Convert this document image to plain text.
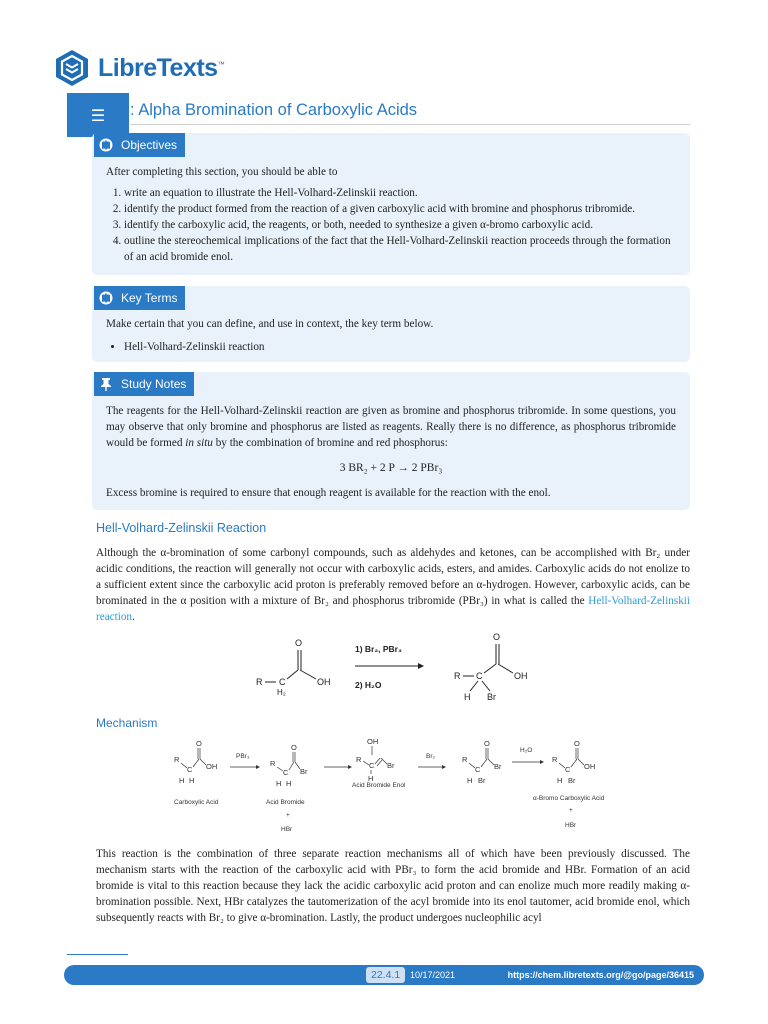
LibreTexts™
☰ : Alpha Bromination of Carboxylic Acids
Objectives
After completing this section, you should be able to
1. write an equation to illustrate the Hell-Volhard-Zelinskii reaction.
2. identify the product formed from the reaction of a given carboxylic acid with bromine and phosphorus tribromide.
3. identify the carboxylic acid, the reagents, or both, needed to synthesize a given α-bromo carboxylic acid.
4. outline the stereochemical implications of the fact that the Hell-Volhard-Zelinskii reaction proceeds through the formation of an acid bromide enol.
Key Terms
Make certain that you can define, and use in context, the key term below.
• Hell-Volhard-Zelinskii reaction
Study Notes
The reagents for the Hell-Volhard-Zelinskii reaction are given as bromine and phosphorus tribromide. In some questions, you may observe that only bromine and phosphorus are listed as reagents. Really there is no difference, as phosphorus tribromide would be formed in situ by the combination of bromine and red phosphorus:
3 BR₂ + 2 P → 2 PBr₃
Excess bromine is required to ensure that enough reagent is available for the reaction with the enol.
Hell-Volhard-Zelinskii Reaction
Although the α-bromination of some carbonyl compounds, such as aldehydes and ketones, can be accomplished with Br₂ under acidic conditions, the reaction will generally not occur with carboxylic acids, esters, and amides. Carboxylic acids do not enolize to a sufficient extent since the carboxylic acid proton is preferably removed before an α-hydrogen. However, carboxylic acids, can be brominated in the α position with a mixture of Br₂ and phosphorus tribromide (PBr₃) in what is called the Hell-Volhard-Zelinskii reaction.
R C
H₂
O
OH
1) Br₂, PBr₃
2) H₂O
R C
H Br
O
OH
Mechanism
R
C
H H
O
OH
Carboxylic Acid
PBr₃
R
C
H H
O
Br
Acid Bromide
+
HBr
OH
R
C
H
Br
Acid Bromide Enol
Br₂	R
C
H Br
O
Br
H₂O
R
C
H Br
O
OH
α-Bromo Carboxylic Acid
+
HBr
This reaction is the combination of three separate reaction mechanisms all of which have been previously discussed. The mechanism starts with the reaction of the carboxylic acid with PBr₃ to form the acid bromide and HBr. Formation of an acid bromide is vital to this reaction because they lack the acidic carboxylic acid proton and can enolize much more readily making α-bromination possible. Next, HBr catalyzes the tautomerization of the acyl bromide into its enol tautomer, acid bromide enol, which subsequently reacts with Br₂ to give α-bromination. Lastly, the product undergoes nucleophilic acyl
22.4.1	10/17/2021	https://chem.libretexts.org/@go/page/36415
